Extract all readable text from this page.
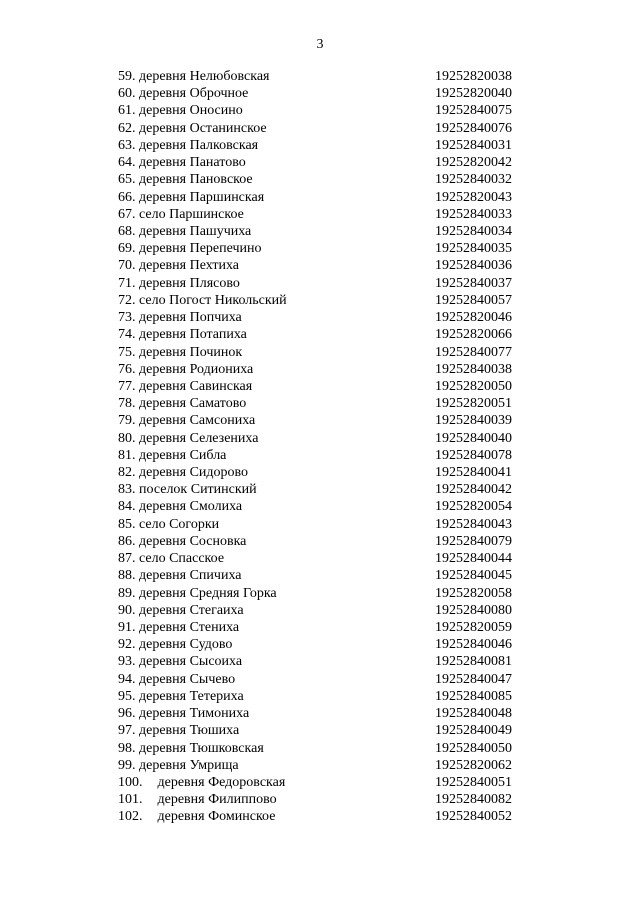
3
59. деревня Нелюбовская	19252820038
60. деревня Оброчное	19252820040
61. деревня Оносино	19252840075
62. деревня Останинское	19252840076
63. деревня Палковская	19252840031
64. деревня Панатово	19252820042
65. деревня Пановское	19252840032
66. деревня Паршинская	19252820043
67. село Паршинское	19252840033
68. деревня Пашучиха	19252840034
69. деревня Перепечино	19252840035
70. деревня Пехтиха	19252840036
71. деревня Плясово	19252840037
72. село Погост Никольский	19252840057
73. деревня Попчиха	19252820046
74. деревня Потапиха	19252820066
75. деревня Починок	19252840077
76. деревня Родиониха	19252840038
77. деревня Савинская	19252820050
78. деревня Саматово	19252820051
79. деревня Самсониха	19252840039
80. деревня Селезениха	19252840040
81. деревня Сибла	19252840078
82. деревня Сидорово	19252840041
83. поселок Ситинский	19252840042
84. деревня Смолиха	19252820054
85. село Согорки	19252840043
86. деревня Сосновка	19252840079
87. село Спасское	19252840044
88. деревня Спичиха	19252840045
89. деревня Средняя Горка	19252820058
90. деревня Стегаиха	19252840080
91. деревня Стениха	19252820059
92. деревня Судово	19252840046
93. деревня Сысоиха	19252840081
94. деревня Сычево	19252840047
95. деревня Тетериха	19252840085
96. деревня Тимониха	19252840048
97. деревня Тюшиха	19252840049
98. деревня Тюшковская	19252840050
99. деревня Умрища	19252820062
100. деревня Федоровская	19252840051
101. деревня Филиппово	19252840082
102. деревня Фоминское	19252840052
